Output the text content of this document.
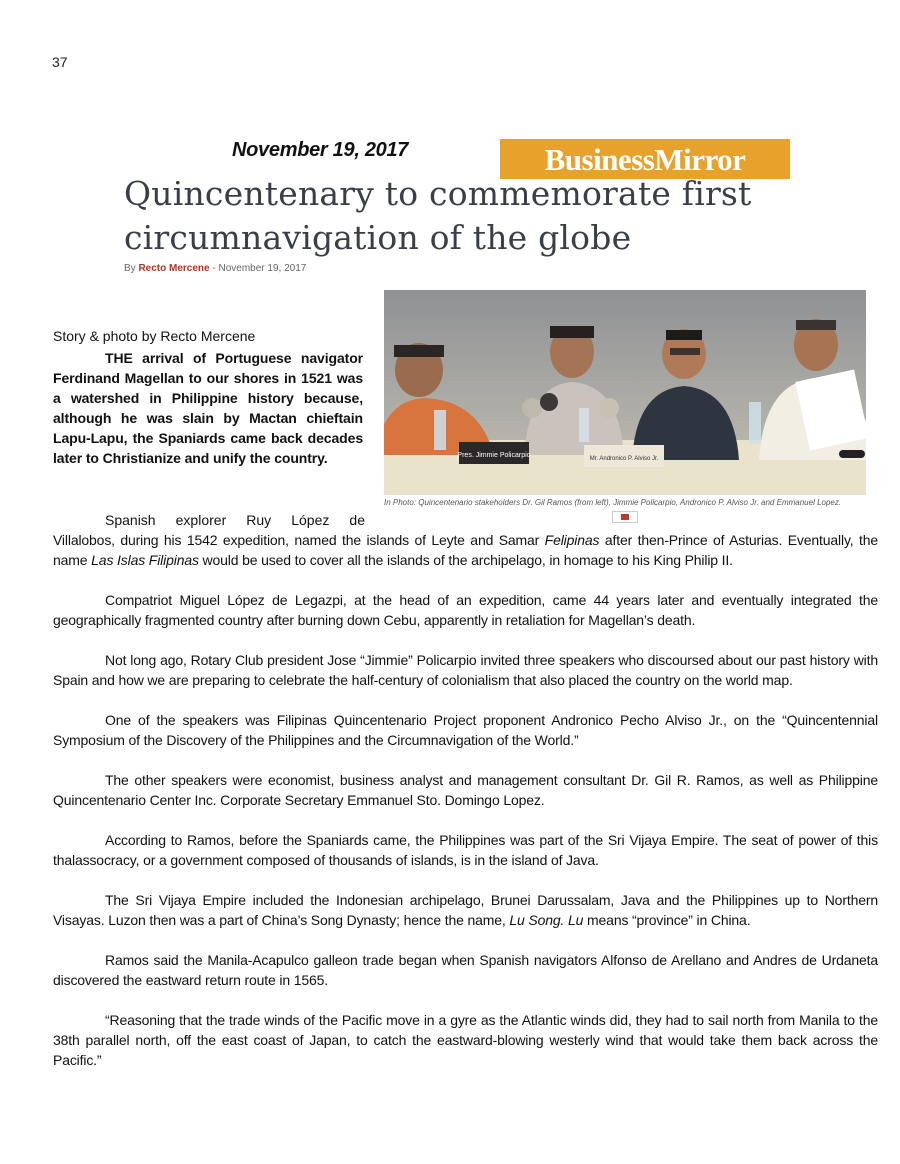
37
November 19, 2017	BusinessMirror
Quincentenary to commemorate first circumnavigation of the globe
By Recto Mercene - November 19, 2017
Pres. Jimmie Policarpio	Mr. Andronico P. Alviso Jr.
In Photo: Quincentenario stakeholders Dr. Gil Ramos (from left), Jimmie Policarpio, Andronico P. Alviso Jr. and Emmanuel Lopez.
Story & photo by Recto Mercene

THE arrival of Portuguese navigator Ferdinand Magellan to our shores in 1521 was a watershed in Philippine history because, although he was slain by Mactan chieftain Lapu-Lapu, the Spaniards came back decades later to Christianize and unify the country.

Spanish explorer Ruy López de

Villalobos, during his 1542 expedition, named the islands of Leyte and Samar Felipinas after then-Prince of Asturias. Eventually, the name Las Islas Filipinas would be used to cover all the islands of the archipelago, in homage to his King Philip II.

Compatriot Miguel López de Legazpi, at the head of an expedition, came 44 years later and eventually integrated the geographically fragmented country after burning down Cebu, apparently in retaliation for Magellan’s death.

Not long ago, Rotary Club president Jose “Jimmie” Policarpio invited three speakers who discoursed about our past history with Spain and how we are preparing to celebrate the half-century of colonialism that also placed the country on the world map.

One of the speakers was Filipinas Quincentenario Project proponent Andronico Pecho Alviso Jr., on the “Quincentennial Symposium of the Discovery of the Philippines and the Circumnavigation of the World.”

The other speakers were economist, business analyst and management consultant Dr. Gil R. Ramos, as well as Philippine Quincentenario Center Inc. Corporate Secretary Emmanuel Sto. Domingo Lopez.

According to Ramos, before the Spaniards came, the Philippines was part of the Sri Vijaya Empire. The seat of power of this thalassocracy, or a government composed of thousands of islands, is in the island of Java.

The Sri Vijaya Empire included the Indonesian archipelago, Brunei Darussalam, Java and the Philippines up to Northern Visayas. Luzon then was a part of China’s Song Dynasty; hence the name, Lu Song. Lu means “province” in China.

Ramos said the Manila-Acapulco galleon trade began when Spanish navigators Alfonso de Arellano and Andres de Urdaneta discovered the eastward return route in 1565.

“Reasoning that the trade winds of the Pacific move in a gyre as the Atlantic winds did, they had to sail north from Manila to the 38th parallel north, off the east coast of Japan, to catch the eastward-blowing westerly wind that would take them back across the Pacific.”
